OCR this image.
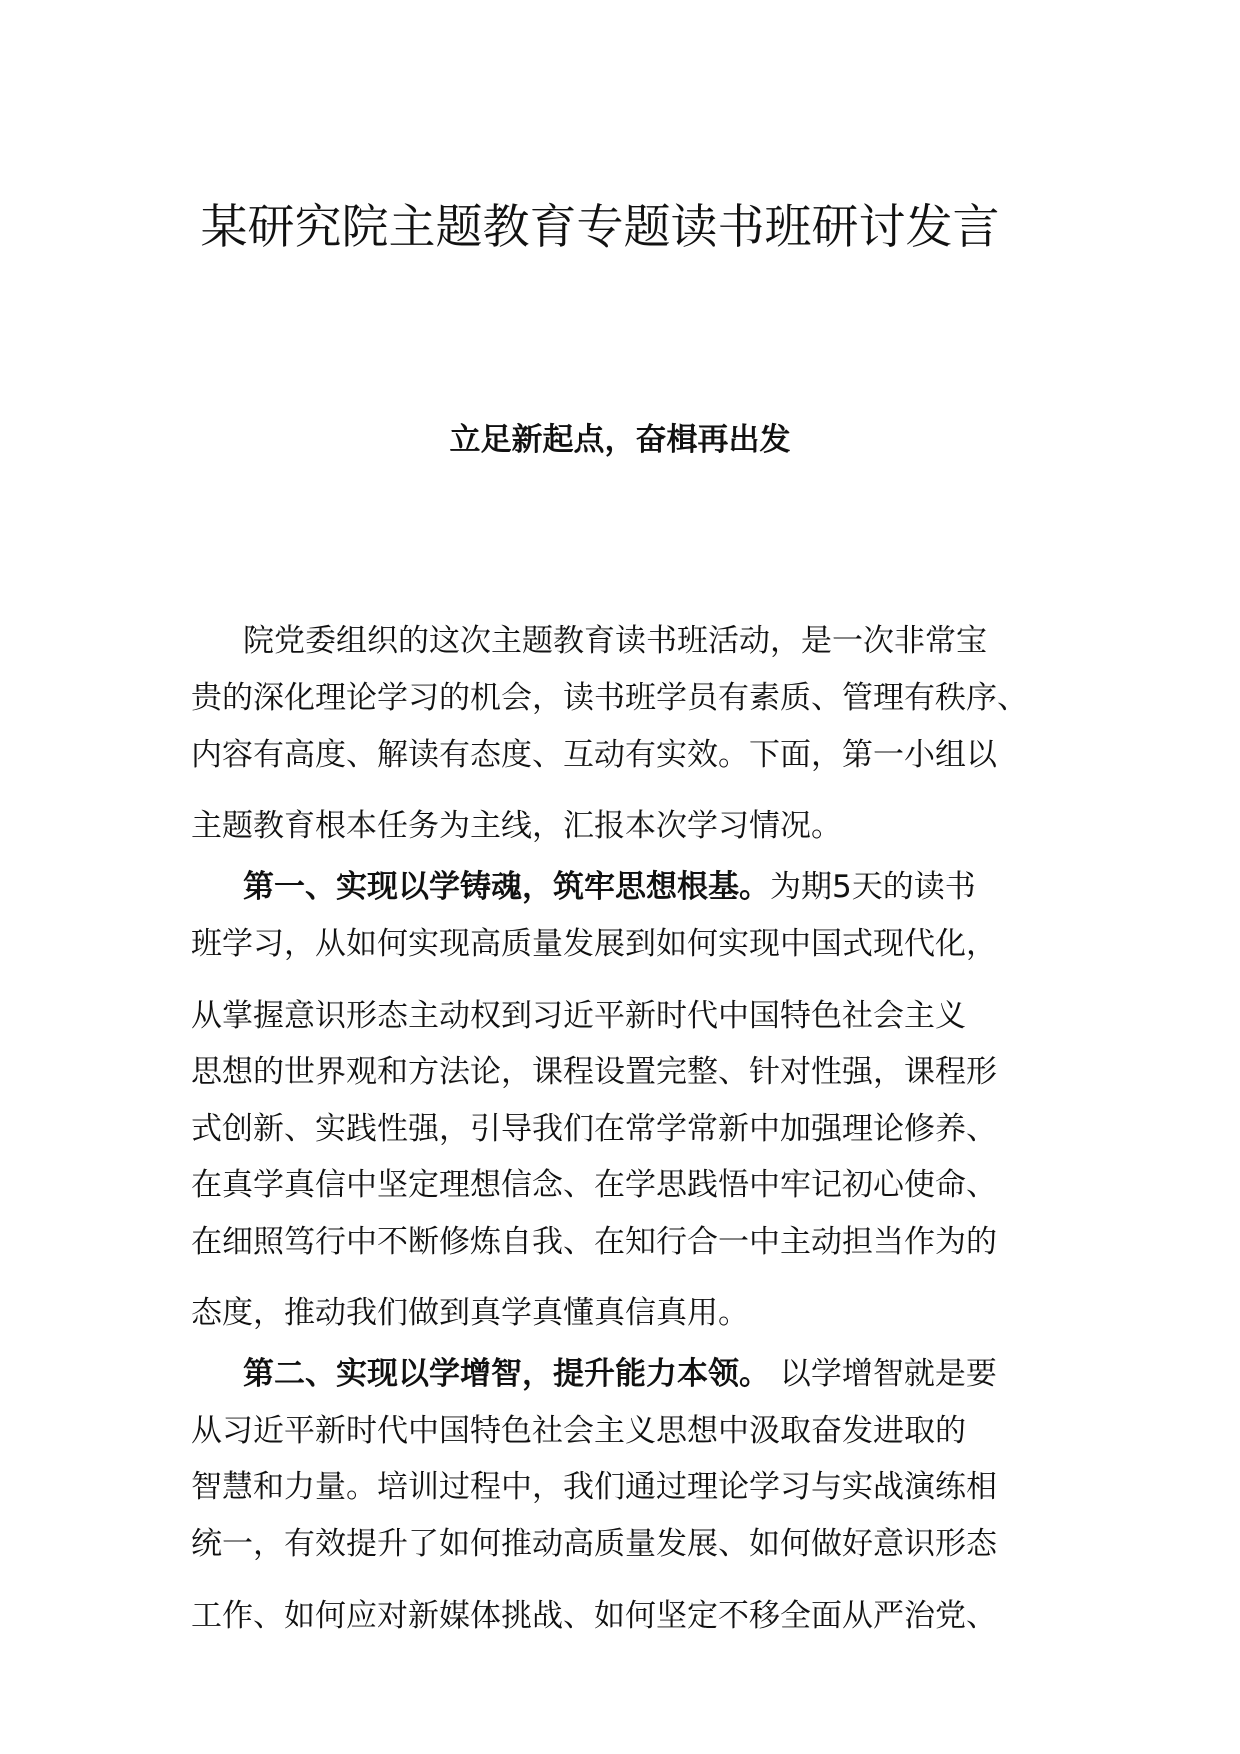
某研究院主题教育专题读书班研讨发言
立足新起点，奋楫再出发
院党委组织的这次主题教育读书班活动，是一次非常宝
贵的深化理论学习的机会，读书班学员有素质、管理有秩序、
内容有高度、解读有态度、互动有实效。下面，第一小组以
主题教育根本任务为主线，汇报本次学习情况。
第一、实现以学铸魂，筑牢思想根基。为期5天的读书
班学习，从如何实现高质量发展到如何实现中国式现代化，
从掌握意识形态主动权到习近平新时代中国特色社会主义
思想的世界观和方法论，课程设置完整、针对性强，课程形
式创新、实践性强，引导我们在常学常新中加强理论修养、
在真学真信中坚定理想信念、在学思践悟中牢记初心使命、
在细照笃行中不断修炼自我、在知行合一中主动担当作为的
态度，推动我们做到真学真懂真信真用。
第二、实现以学增智，提升能力本领。 以学增智就是要
从习近平新时代中国特色社会主义思想中汲取奋发进取的
智慧和力量。培训过程中，我们通过理论学习与实战演练相
统一，有效提升了如何推动高质量发展、如何做好意识形态
工作、如何应对新媒体挑战、如何坚定不移全面从严治党、
